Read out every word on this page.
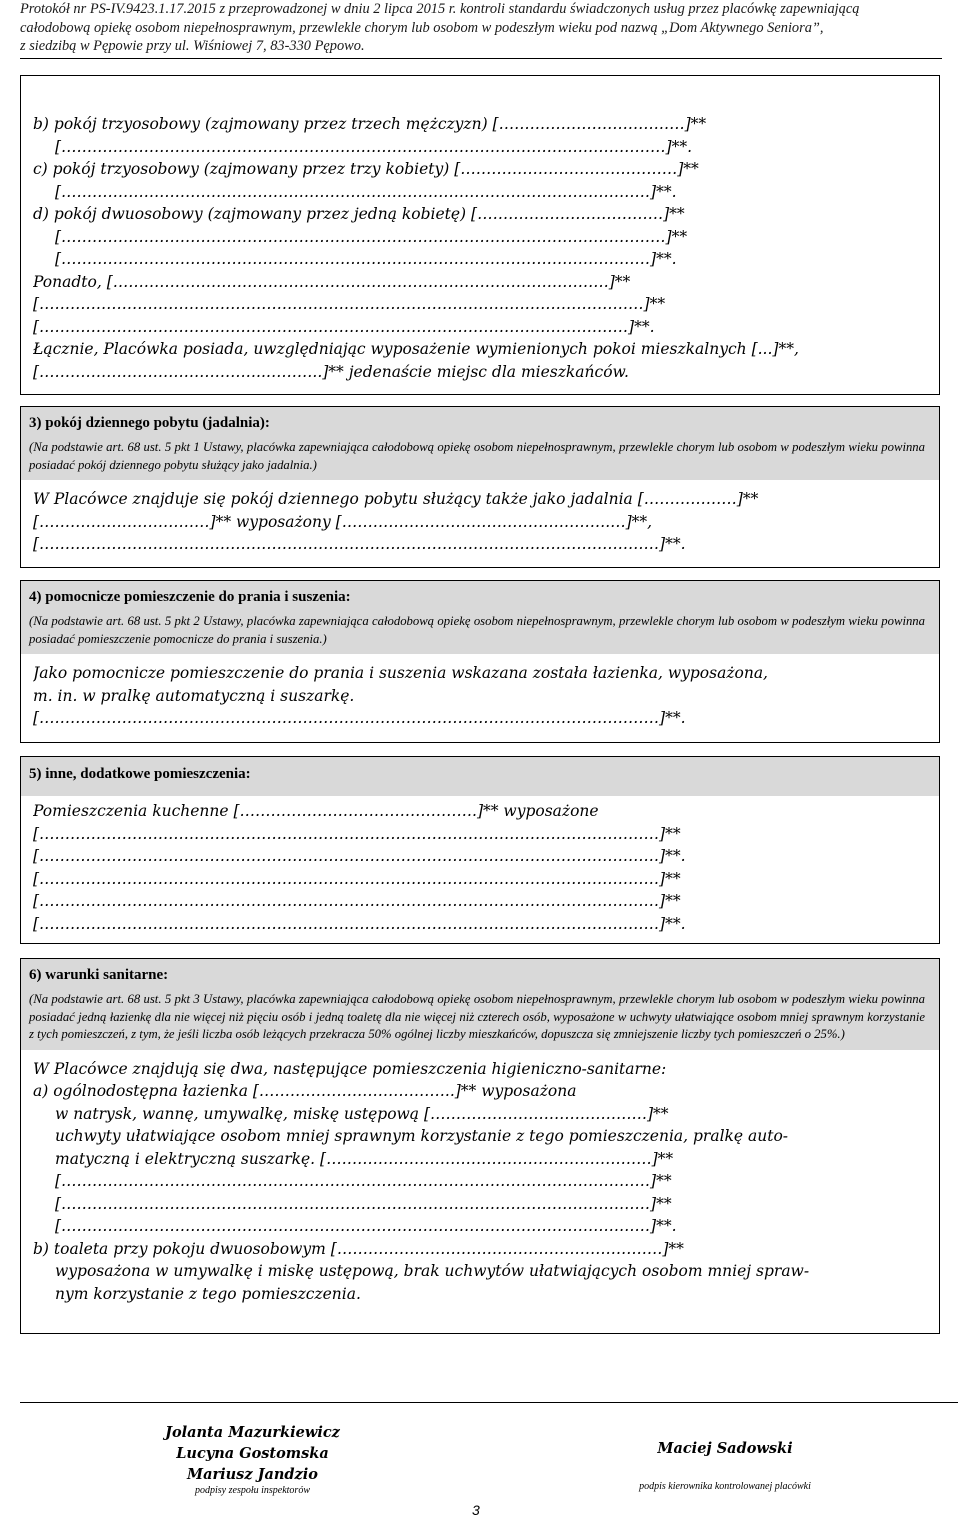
Protokół nr PS-IV.9423.1.17.2015 z przeprowadzonej w dniu 2 lipca 2015 r. kontroli standardu świadczonych usług przez placówkę zapewniającą
całodobową opiekę osobom niepełnosprawnym, przewlekle chorym lub osobom w podeszłym wieku pod nazwą „Dom Aktywnego Seniora”,
z siedzibą w Pępowie przy ul. Wiśniowej 7, 83-330 Pępowo.
b) pokój trzyosobowy (zajmowany przez trzech mężczyzn) [………………………………]**
[………………………………………………………………………………………………………]**.
c) pokój trzyosobowy (zajmowany przez trzy kobiety) [……………………………………]**
[……………………………………………………………………………………………………]**.
d) pokój dwuosobowy (zajmowany przez jedną kobietę) [………………………………]**
[………………………………………………………………………………………………………]**
[……………………………………………………………………………………………………]**.
Ponadto, [……………………………………………………………………………………]**
[………………………………………………………………………………………………………]**
[……………………………………………………………………………………………………]**.
Łącznie, Placówka posiada, uwzględniając wyposażenie wymienionych pokoi mieszkalnych [...]**,
[……………………………………..………..]** jedenaście miejsc dla mieszkańców.
3) pokój dziennego pobytu (jadalnia):
(Na podstawie art. 68 ust. 5 pkt 1 Ustawy, placówka zapewniająca całodobową opiekę osobom niepełnosprawnym, przewlekle chorym lub osobom w podeszłym wieku powinna posiadać pokój dziennego pobytu służący jako jadalnia.)
W Placówce znajduje się pokój dziennego pobytu służący także jako jadalnia [………………]**
[……………………………]** wyposażony […………………………………………….…]**,
[…………………………………………………………………………………………………………]**.
4) pomocnicze pomieszczenie do prania i suszenia:
(Na podstawie art. 68 ust. 5 pkt 2 Ustawy, placówka zapewniająca całodobową opiekę osobom niepełnosprawnym, przewlekle chorym lub osobom w podeszłym wieku powinna posiadać pomieszczenie pomocnicze do prania i suszenia.)
Jako pomocnicze pomieszczenie do prania i suszenia wskazana została łazienka, wyposażona,
m. in. w pralkę automatyczną i suszarkę.
[…………………………………………………………………………………………………………]**.
5) inne, dodatkowe pomieszczenia:
Pomieszczenia kuchenne [……………………………………….]** wyposażone
[…………………………………………………………………………………………………………]**
[…………………………………………………………………………………………………………]**.
[…………………………………………………………………………………………………………]**
[…………………………………………………………………………………………………………]**
[…………………………………………………………………………………………………………]**.
6) warunki sanitarne:
(Na podstawie art. 68 ust. 5 pkt 3 Ustawy, placówka zapewniająca całodobową opiekę osobom niepełnosprawnym, przewlekle chorym lub osobom w podeszłym wieku powinna posiadać jedną łazienkę dla nie więcej niż pięciu osób i jedną toaletę dla nie więcej niż czterech osób, wyposażone w uchwyty ułatwiające osobom mniej sprawnym korzystanie z tych pomieszczeń, z tym, że jeśli liczba osób leżących przekracza 50% ogólnej liczby mieszkańców, dopuszcza się zmniejszenie liczby tych pomieszczeń o 25%.)
W Placówce znajdują się dwa, następujące pomieszczenia higieniczno-sanitarne:
a) ogólnodostępna łazienka [………………………………..]** wyposażona
w natrysk, wannę, umywalkę, miskę ustępową [……………………………………]**
uchwyty ułatwiające osobom mniej sprawnym korzystanie z tego pomieszczenia, pralkę auto-
matyczną i elektryczną suszarkę. [………………………………………………………]**
[……………………………………………………………………………………………………]**
[……………………………………………………………………………………………………]**
[……………………………………………………………………………………………………]**.
b) toaleta przy pokoju dwuosobowym [………………………………………………………]**
wyposażona w umywalkę i miskę ustępową, brak uchwytów ułatwiających osobom mniej spraw-
nym korzystanie z tego pomieszczenia.
Jolanta Mazurkiewicz
Lucyna Gostomska
Mariusz Jandzio
podpisy zespołu inspektorów
Maciej Sadowski
podpis kierownika kontrolowanej placówki
3
